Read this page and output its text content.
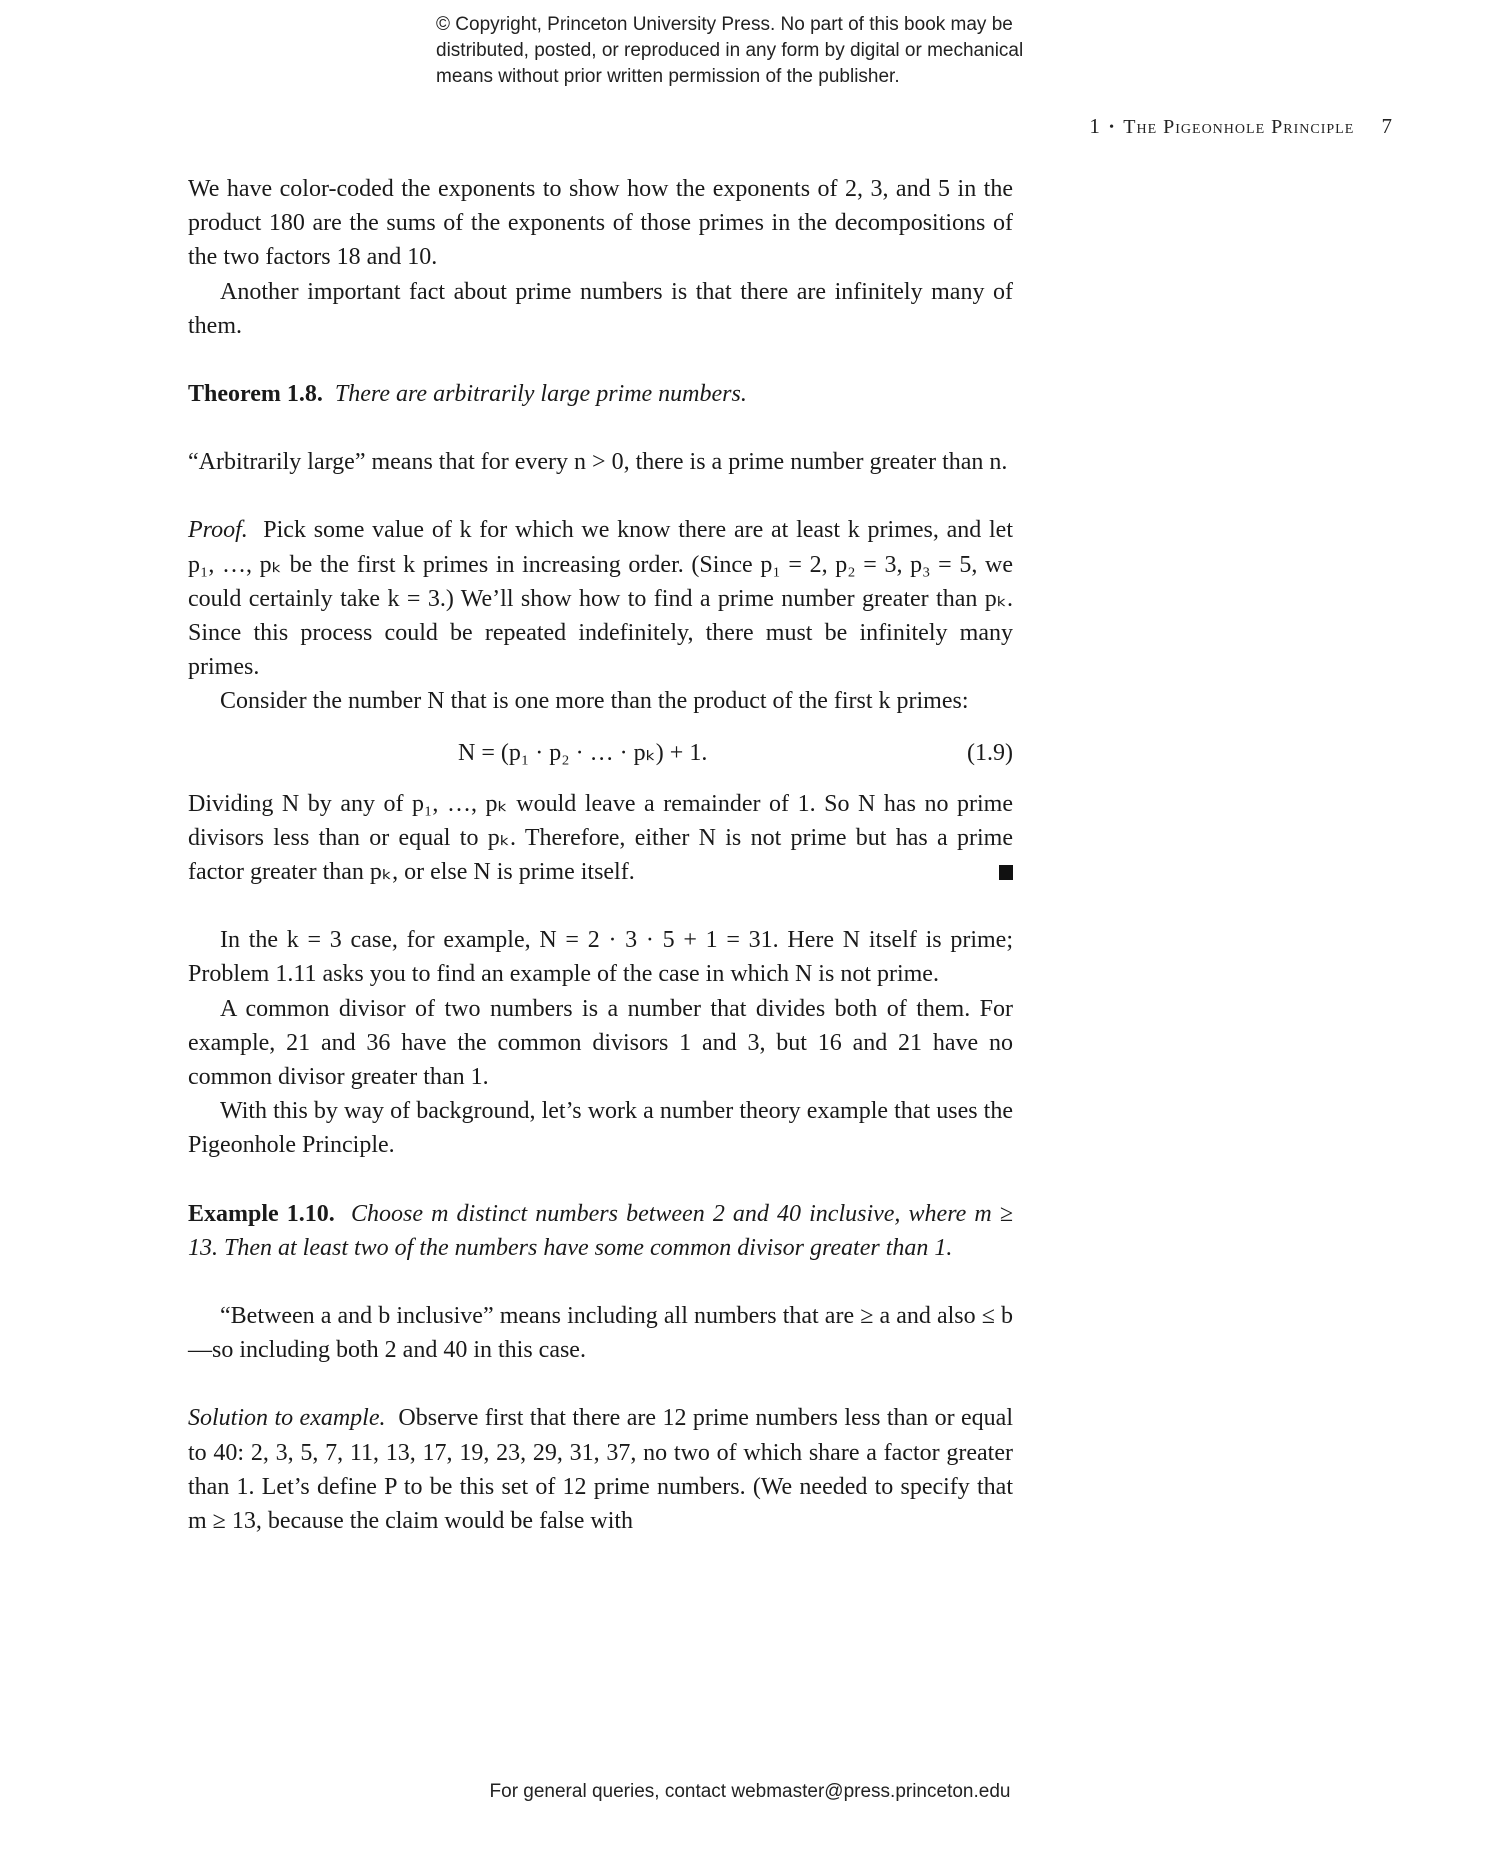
© Copyright, Princeton University Press. No part of this book may be
distributed, posted, or reproduced in any form by digital or mechanical
means without prior written permission of the publisher.
1 • The Pigeonhole Principle 7

We have color-coded the exponents to show how the exponents of 2, 3, and 5 in the product 180 are the sums of the exponents of those primes in the decompositions of the two factors 18 and 10.

Another important fact about prime numbers is that there are infinitely many of them.

Theorem 1.8. There are arbitrarily large prime numbers.

“Arbitrarily large” means that for every n > 0, there is a prime number greater than n.

Proof. Pick some value of k for which we know there are at least k primes, and let p₁, …, pₖ be the first k primes in increasing order. (Since p₁ = 2, p₂ = 3, p₃ = 5, we could certainly take k = 3.) We’ll show how to find a prime number greater than pₖ. Since this process could be repeated indefinitely, there must be infinitely many primes.

Consider the number N that is one more than the product of the first k primes:

N = (p₁ · p₂ · … · pₖ) + 1.	(1.9)

Dividing N by any of p₁, …, pₖ would leave a remainder of 1. So N has no prime divisors less than or equal to pₖ. Therefore, either N is not prime but has a prime factor greater than pₖ, or else N is prime itself.

In the k = 3 case, for example, N = 2 · 3 · 5 + 1 = 31. Here N itself is prime; Problem 1.11 asks you to find an example of the case in which N is not prime.

A common divisor of two numbers is a number that divides both of them. For example, 21 and 36 have the common divisors 1 and 3, but 16 and 21 have no common divisor greater than 1.

With this by way of background, let’s work a number theory example that uses the Pigeonhole Principle.

Example 1.10. Choose m distinct numbers between 2 and 40 inclusive, where m ≥ 13. Then at least two of the numbers have some common divisor greater than 1.

“Between a and b inclusive” means including all numbers that are ≥ a and also ≤ b—so including both 2 and 40 in this case.

Solution to example. Observe first that there are 12 prime numbers less than or equal to 40: 2, 3, 5, 7, 11, 13, 17, 19, 23, 29, 31, 37, no two of which share a factor greater than 1. Let’s define P to be this set of 12 prime numbers. (We needed to specify that m ≥ 13, because the claim would be false with

For general queries, contact webmaster@press.princeton.edu
